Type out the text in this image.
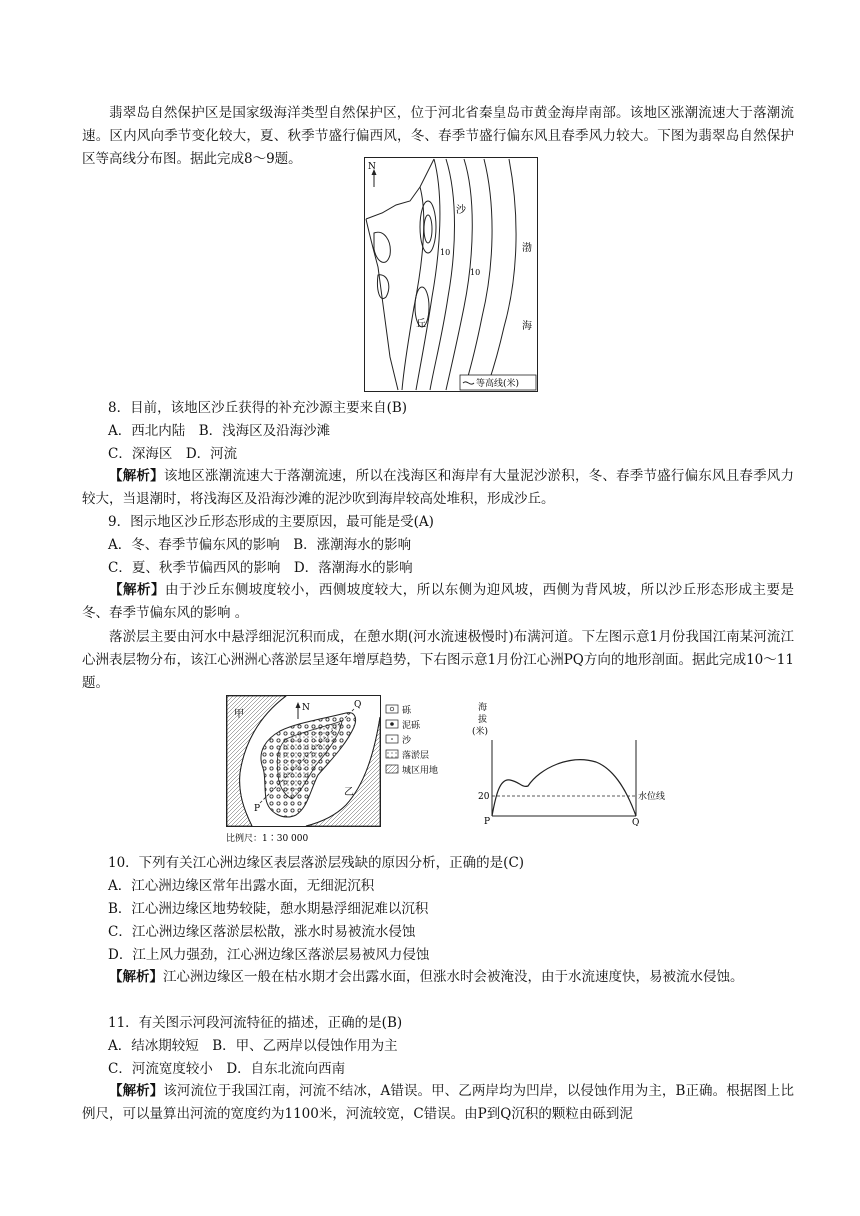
翡翠岛自然保护区是国家级海洋类型自然保护区，位于河北省秦皇岛市黄金海岸南部。该地区涨潮流速大于落潮流速。区内风向季节变化较大，夏、秋季节盛行偏西风，冬、春季节盛行偏东风且春季风力较大。下图为翡翠岛自然保护区等高线分布图。据此完成8～9题。	N
沙
丘
渤
海
10
10
等高线(米)

8．目前，该地区沙丘获得的补充沙源主要来自(B)

A．西北内陆　B．浅海区及沿海沙滩

C．深海区　D．河流

【解析】该地区涨潮流速大于落潮流速，所以在浅海区和海岸有大量泥沙淤积，冬、春季节盛行偏东风且春季风力较大，当退潮时，将浅海区及沿海沙滩的泥沙吹到海岸较高处堆积，形成沙丘。

9．图示地区沙丘形态形成的主要原因，最可能是受(A)

A．冬、春季节偏东风的影响　B．涨潮海水的影响

C．夏、秋季节偏西风的影响　D．落潮海水的影响

【解析】由于沙丘东侧坡度较小，西侧坡度较大，所以东侧为迎风坡，西侧为背风坡，所以沙丘形态形成主要是冬、春季节偏东风的影响 。

落淤层主要由河水中悬浮细泥沉积而成，在憩水期(河水流速极慢时)布满河道。下左图示意1月份我国江南某河流江心洲表层物分布，该江心洲洲心落淤层呈逐年增厚趋势，下右图示意1月份江心洲PQ方向的地形剖面。据此完成10～11题。

P
Q
甲
乙
N
比例尺：1∶30 000
砾
泥砾
沙
落淤层
城区用地
海
拔
(米)
20	水位线
P	Q

10．下列有关江心洲边缘区表层落淤层残缺的原因分析，正确的是(C)

A．江心洲边缘区常年出露水面，无细泥沉积

B．江心洲边缘区地势较陡，憩水期悬浮细泥难以沉积

C．江心洲边缘区落淤层松散，涨水时易被流水侵蚀

D．江上风力强劲，江心洲边缘区落淤层易被风力侵蚀

【解析】江心洲边缘区一般在枯水期才会出露水面，但涨水时会被淹没，由于水流速度快，易被流水侵蚀。

11．有关图示河段河流特征的描述，正确的是(B)

A．结冰期较短　B．甲、乙两岸以侵蚀作用为主

C．河流宽度较小　D．自东北流向西南

【解析】该河流位于我国江南，河流不结冰，A错误。甲、乙两岸均为凹岸，以侵蚀作用为主，B正确。根据图上比例尺，可以量算出河流的宽度约为1100米，河流较宽，C错误。由P到Q沉积的颗粒由砾到泥
